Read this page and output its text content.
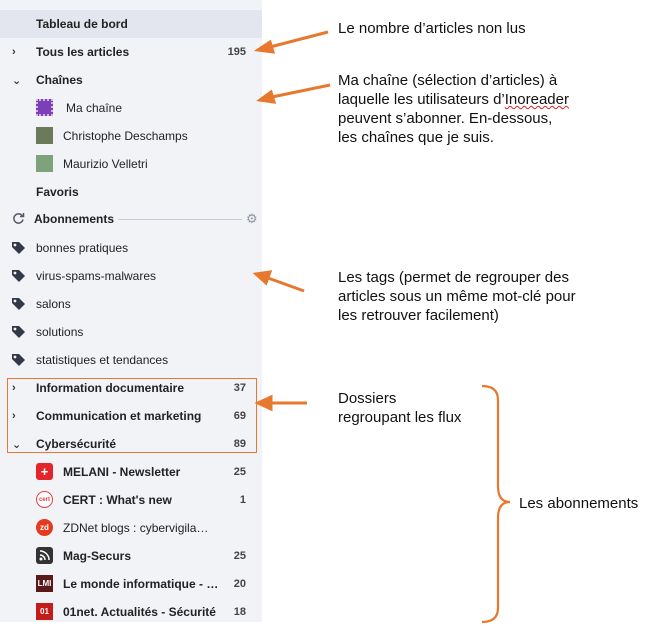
Tableau de bord
› Tous les articles	195
⌄ Chaînes
Ma chaîne
Christophe Deschamps
Maurizio Velletri
Favoris
Abonnements	⚙
bonnes pratiques
virus-spams-malwares
salons
solutions
statistiques et tendances
› Information documentaire	37
› Communication et marketing	69
⌄ Cybersécurité	89
+	MELANI - Newsletter	25
cert CERT : What's new	1
zd	ZDNet blogs : cybervigila…
Mag-Securs	25
LMI Le monde informatique - … 20
01	01net. Actualités - Sécurité 18
Le nombre d’articles non lus
Ma chaîne (sélection d’articles) à
laquelle les utilisateurs d’Inoreader
peuvent s’abonner. En-dessous,
les chaînes que je suis.
Les tags (permet de regrouper des
articles sous un même mot-clé pour
les retrouver facilement)
Dossiers
regroupant les flux
Les abonnements
